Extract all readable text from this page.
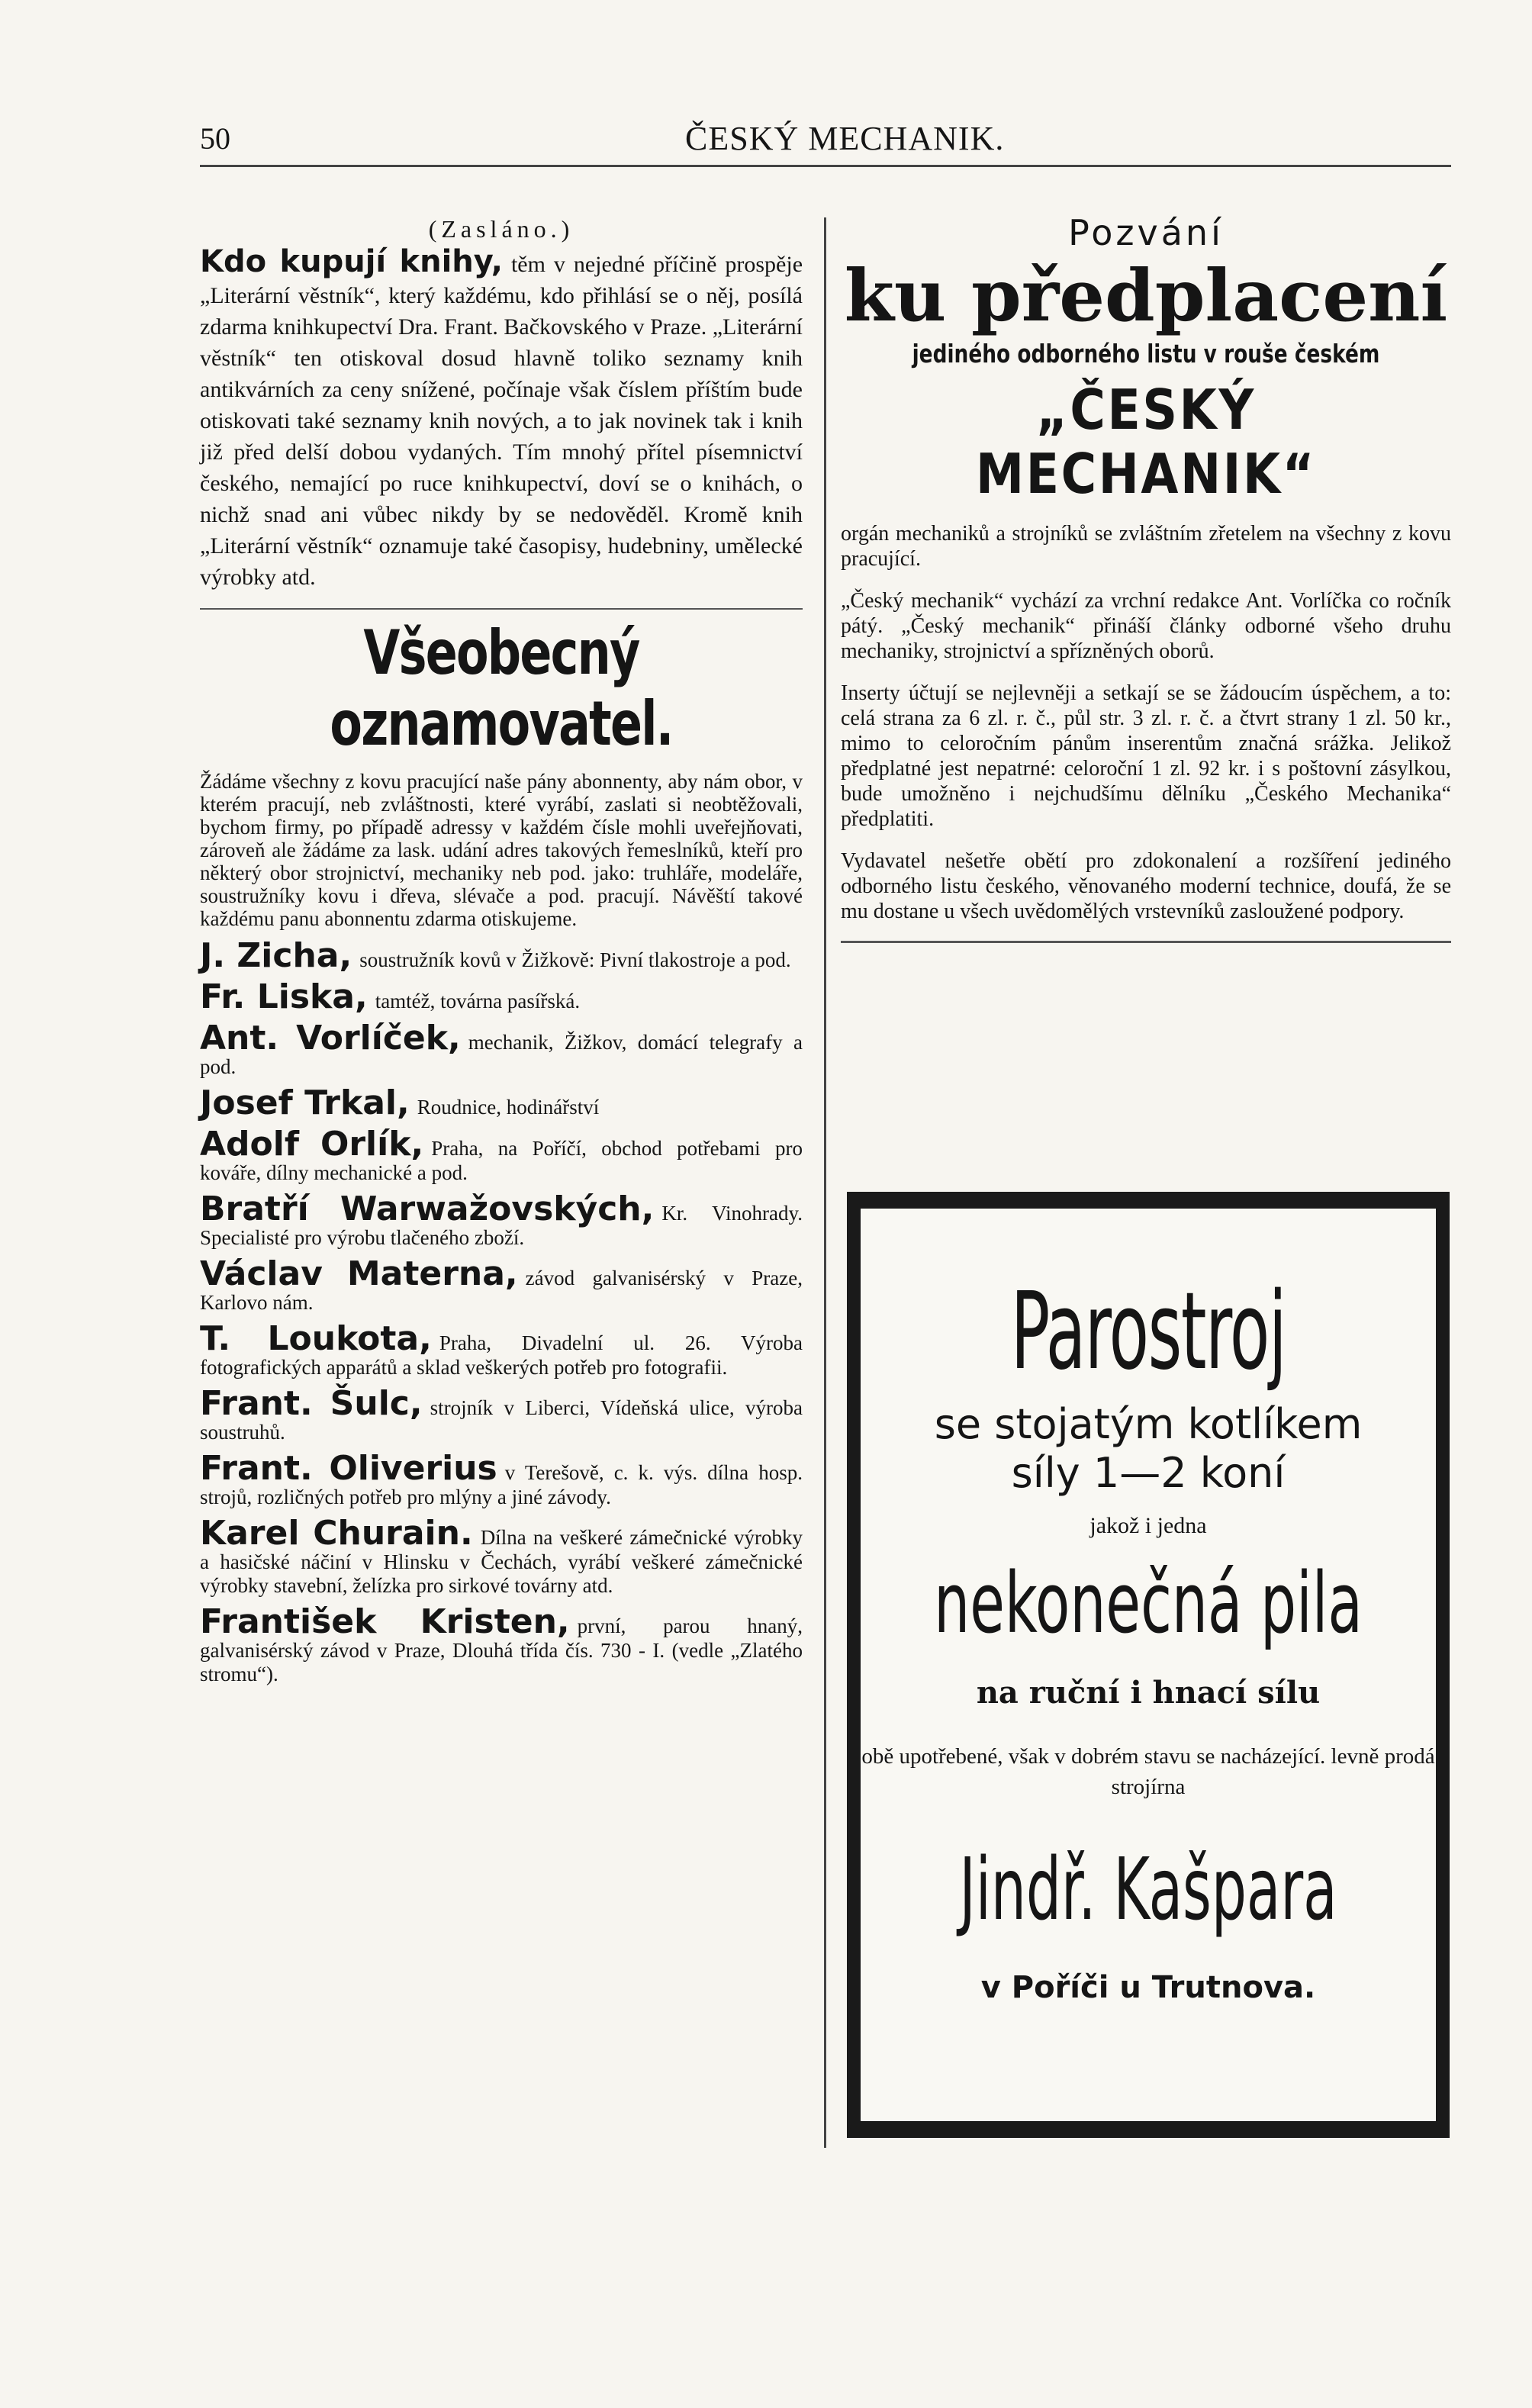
50	ČESKÝ MECHANIK.

(Zasláno.)

Kdo kupují knihy, těm v nejedné příčině prospěje „Literární věstník“, který každému, kdo přihlásí se o něj, posílá zdarma knihkupectví Dra. Frant. Bačkovského v Praze. „Literární věstník“ ten otiskoval dosud hlavně toliko seznamy knih antikvárních za ceny snížené, počínaje však číslem příštím bude otiskovati také seznamy knih nových, a to jak novinek tak i knih již před delší dobou vydaných. Tím mnohý přítel písemnictví českého, nemající po ruce knihkupectví, doví se o knihách, o nichž snad ani vůbec nikdy by se nedověděl. Kromě knih „Literární věstník“ oznamuje také časopisy, hudebniny, umělecké výrobky atd.

Všeobecný oznamovatel.

Žádáme všechny z kovu pracující naše pány abonnenty, aby nám obor, v kterém pracují, neb zvláštnosti, které vyrábí, zaslati si neobtěžovali, bychom firmy, po případě adressy v každém čísle mohli uveřejňovati, zároveň ale žádáme za lask. udání adres takových řemeslníků, kteří pro některý obor strojnictví, mechaniky neb pod. jako: truhláře, modeláře, soustružníky kovu i dřeva, slévače a pod. pracují. Návěští takové každému panu abonnentu zdarma otiskujeme.

J. Zicha, soustružník kovů v Žižkově: Pivní tlakostroje a pod.

Fr. Liska, tamtéž, továrna pasířská.

Ant. Vorlíček, mechanik, Žižkov, domácí telegrafy a pod.

Josef Trkal, Roudnice, hodinářství

Adolf Orlík, Praha, na Poříčí, obchod potřebami pro kováře, dílny mechanické a pod.

Bratří Warwažovských, Kr. Vinohrady. Specialisté pro výrobu tlačeného zboží.

Václav Materna, závod galvanisérský v Praze, Karlovo nám.

T. Loukota, Praha, Divadelní ul. 26. Výroba fotografických apparátů a sklad veškerých potřeb pro fotografii.

Frant. Šulc, strojník v Liberci, Vídeňská ulice, výroba soustruhů.

Frant. Oliverius v Terešově, c. k. výs. dílna hosp. strojů, rozličných potřeb pro mlýny a jiné závody.

Karel Churain. Dílna na veškeré zámečnické výrobky a hasičské náčiní v Hlinsku v Čechách, vyrábí veškeré zámečnické výrobky stavební, želízka pro sirkové továrny atd.

František Kristen, první, parou hnaný, galvanisérský závod v Praze, Dlouhá třída čís. 730 - I. (vedle „Zlatého stromu“).

Pozvání

ku předplacení

jediného odborného listu v rouše českém

„ČESKÝ MECHANIK“

orgán mechaniků a strojníků se zvláštním zřetelem na všechny z kovu pracující.

„Český mechanik“ vychází za vrchní redakce Ant. Vorlíčka co ročník pátý. „Český mechanik“ přináší články odborné všeho druhu mechaniky, strojnictví a spřízněných oborů.

Inserty účtují se nejlevněji a setkají se se žádoucím úspěchem, a to: celá strana za 6 zl. r. č., půl str. 3 zl. r. č. a čtvrt strany 1 zl. 50 kr., mimo to celoročním pánům inserentům značná srážka. Jelikož předplatné jest nepatrné: celoroční 1 zl. 92 kr. i s poštovní zásylkou, bude umožněno i nejchudšímu dělníku „Českého Mechanika“ předplatiti.

Vydavatel nešetře obětí pro zdokonalení a rozšíření jediného odborného listu českého, věnovaného moderní technice, doufá, že se mu dostane u všech uvědomělých vrstevníků zasloužené podpory.

Parostroj

se stojatým kotlíkem

síly 1—2 koní

jakož i jedna

nekonečná pila

na ruční i hnací sílu

obě upotřebené, však v dobrém stavu se nacházející. levně prodá strojírna

Jindř. Kašpara

v Poříči u Trutnova.
